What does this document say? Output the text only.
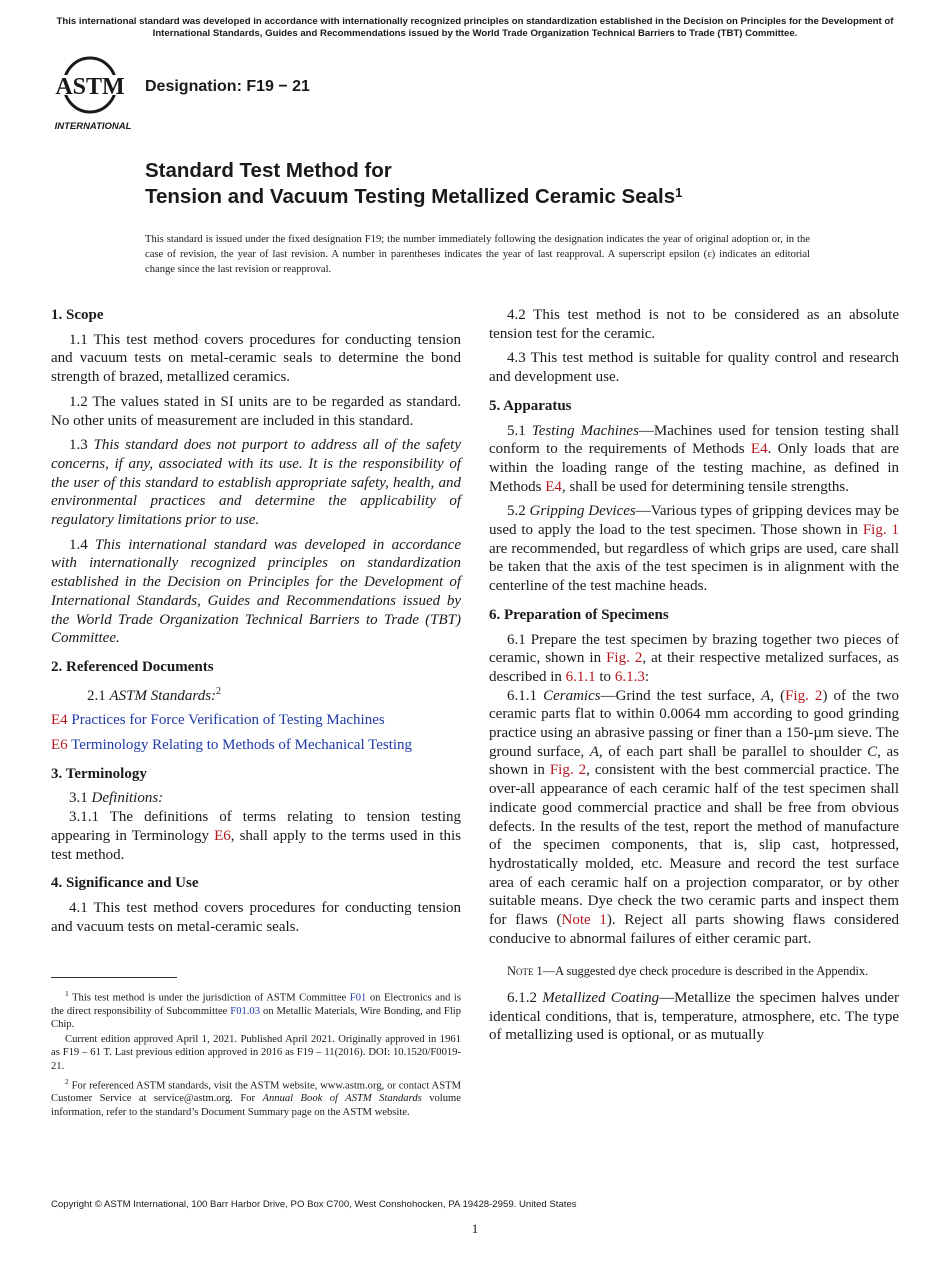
This international standard was developed in accordance with internationally recognized principles on standardization established in the Decision on Principles for the Development of International Standards, Guides and Recommendations issued by the World Trade Organization Technical Barriers to Trade (TBT) Committee.
ASTM
INTERNATIONAL
Designation: F19 − 21
Standard Test Method for
Tension and Vacuum Testing Metallized Ceramic Seals$^1$
This standard is issued under the fixed designation F19; the number immediately following the designation indicates the year of original adoption or, in the case of revision, the year of last revision. A number in parentheses indicates the year of last reapproval. A superscript epsilon (ε) indicates an editorial change since the last revision or reapproval.
1. Scope

1.1 This test method covers procedures for conducting tension and vacuum tests on metal-ceramic seals to determine the bond strength of brazed, metallized ceramics.

1.2 The values stated in SI units are to be regarded as standard. No other units of measurement are included in this standard.

1.3 This standard does not purport to address all of the safety concerns, if any, associated with its use. It is the responsibility of the user of this standard to establish appropriate safety, health, and environmental practices and determine the applicability of regulatory limitations prior to use.

1.4 This international standard was developed in accordance with internationally recognized principles on standardization established in the Decision on Principles for the Development of International Standards, Guides and Recommendations issued by the World Trade Organization Technical Barriers to Trade (TBT) Committee.

2. Referenced Documents

2.1 ASTM Standards:$^2$

E4 Practices for Force Verification of Testing Machines

E6 Terminology Relating to Methods of Mechanical Testing

3. Terminology

3.1 Definitions:

3.1.1 The definitions of terms relating to tension testing appearing in Terminology E6, shall apply to the terms used in this test method.

4. Significance and Use

4.1 This test method covers procedures for conducting tension and vacuum tests on metal-ceramic seals.

4.2 This test method is not to be considered as an absolute tension test for the ceramic.

4.3 This test method is suitable for quality control and research and development use.

5. Apparatus

5.1 Testing Machines—Machines used for tension testing shall conform to the requirements of Methods E4. Only loads that are within the loading range of the testing machine, as defined in Methods E4, shall be used for determining tensile strengths.

5.2 Gripping Devices—Various types of gripping devices may be used to apply the load to the test specimen. Those shown in Fig. 1 are recommended, but regardless of which grips are used, care shall be taken that the axis of the test specimen is in alignment with the centerline of the test machine heads.

6. Preparation of Specimens

6.1 Prepare the test specimen by brazing together two pieces of ceramic, shown in Fig. 2, at their respective metalized surfaces, as described in 6.1.1 to 6.1.3:

6.1.1 Ceramics—Grind the test surface, A, (Fig. 2) of the two ceramic parts flat to within 0.0064 mm according to good grinding practice using an abrasive passing or finer than a 150-µm sieve. The ground surface, A, of each part shall be parallel to shoulder C, as shown in Fig. 2, consistent with the best commercial practice. The over-all appearance of each ceramic half of the test specimen shall indicate good commercial practice and shall be free from obvious defects. In the results of the test, report the method of manufacture of the specimen components, that is, slip cast, hotpressed, hydrostatically molded, etc. Measure and record the test surface area of each ceramic half on a projection comparator, or by other suitable means. Dye check the two ceramic parts and inspect them for flaws (Note 1). Reject all parts showing flaws considered conducive to abnormal failures of either ceramic part.

Note 1—A suggested dye check procedure is described in the Appendix.

6.1.2 Metallized Coating—Metallize the specimen halves under identical conditions, that is, temperature, atmosphere, etc. The type of metallizing used is optional, or as mutually

$^1$ This test method is under the jurisdiction of ASTM Committee F01 on Electronics and is the direct responsibility of Subcommittee F01.03 on Metallic Materials, Wire Bonding, and Flip Chip.

Current edition approved April 1, 2021. Published April 2021. Originally approved in 1961 as F19 – 61 T. Last previous edition approved in 2016 as F19 – 11(2016). DOI: 10.1520/F0019-21.

$^2$ For referenced ASTM standards, visit the ASTM website, www.astm.org, or contact ASTM Customer Service at service@astm.org. For Annual Book of ASTM Standards volume information, refer to the standard’s Document Summary page on the ASTM website.

Copyright © ASTM International, 100 Barr Harbor Drive, PO Box C700, West Conshohocken, PA 19428-2959. United States
1
